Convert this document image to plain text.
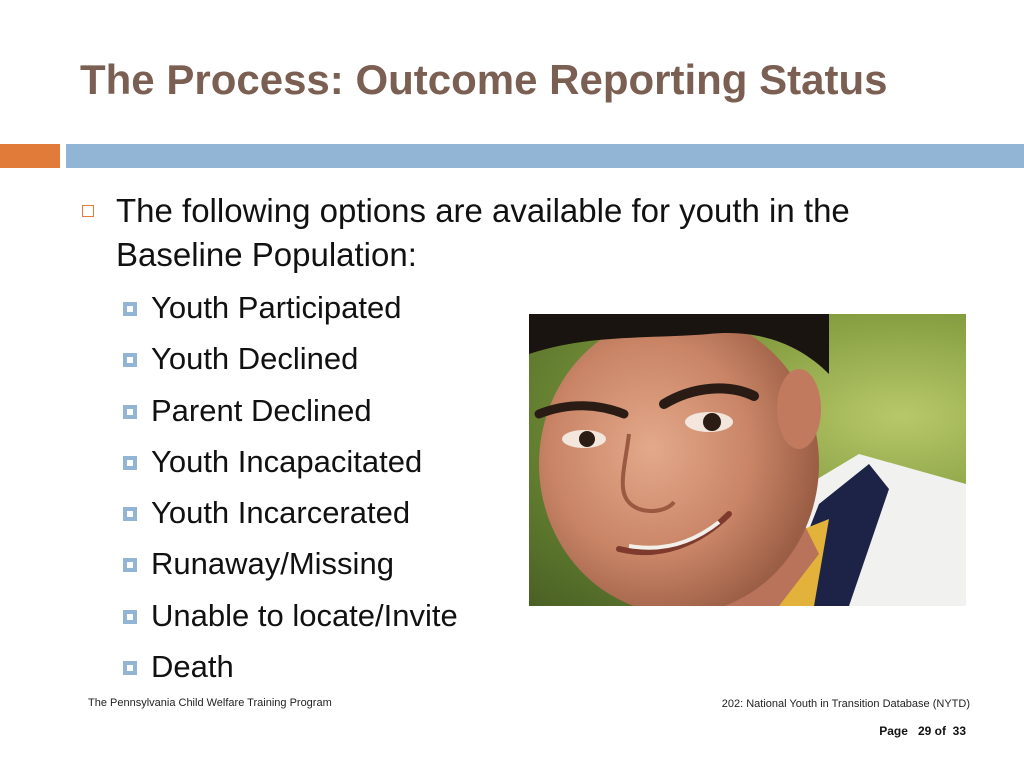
The Process: Outcome Reporting Status
The following options are available for youth in the Baseline Population:
Youth Participated
Youth Declined
Parent Declined
Youth Incapacitated
Youth Incarcerated
Runaway/Missing
Unable to locate/Invite
Death
The Pennsylvania Child Welfare Training Program	202: National Youth in Transition Database (NYTD)
Page 29 of 33
